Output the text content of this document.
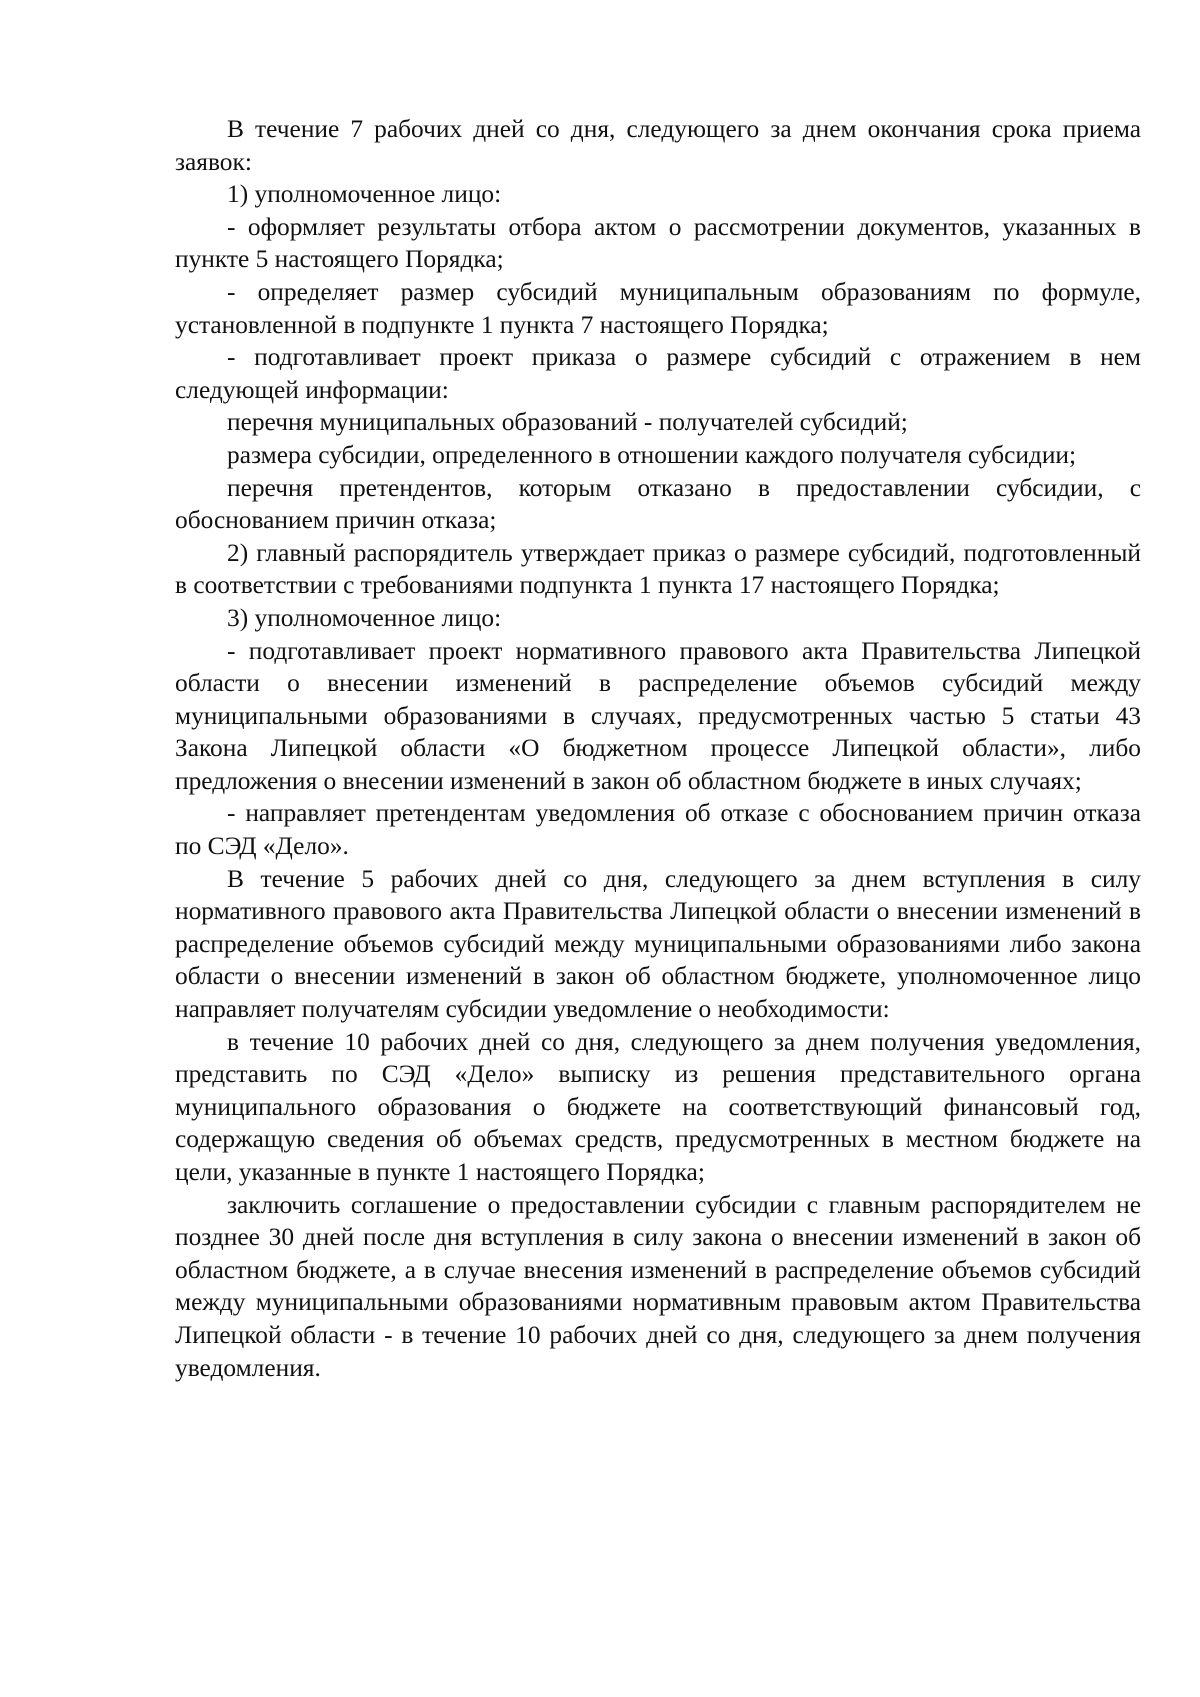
В течение 7 рабочих дней со дня, следующего за днем окончания срока приема заявок:

1) уполномоченное лицо:

- оформляет результаты отбора актом о рассмотрении документов, указанных в пункте 5 настоящего Порядка;

- определяет размер субсидий муниципальным образованиям по формуле, установленной в подпункте 1 пункта 7 настоящего Порядка;

- подготавливает проект приказа о размере субсидий с отражением в нем следующей информации:

перечня муниципальных образований - получателей субсидий;

размера субсидии, определенного в отношении каждого получателя субсидии;

перечня претендентов, которым отказано в предоставлении субсидии, с обоснованием причин отказа;

2) главный распорядитель утверждает приказ о размере субсидий, подготовленный в соответствии с требованиями подпункта 1 пункта 17 настоящего Порядка;

3) уполномоченное лицо:

- подготавливает проект нормативного правового акта Правительства Липецкой области о внесении изменений в распределение объемов субсидий между муниципальными образованиями в случаях, предусмотренных частью 5 статьи 43 Закона Липецкой области «О бюджетном процессе Липецкой области», либо предложения о внесении изменений в закон об областном бюджете в иных случаях;

- направляет претендентам уведомления об отказе с обоснованием причин отказа по СЭД «Дело».

В течение 5 рабочих дней со дня, следующего за днем вступления в силу нормативного правового акта Правительства Липецкой области о внесении изменений в распределение объемов субсидий между муниципальными образованиями либо закона области о внесении изменений в закон об областном бюджете, уполномоченное лицо направляет получателям субсидии уведомление о необходимости:

в течение 10 рабочих дней со дня, следующего за днем получения уведомления, представить по СЭД «Дело» выписку из решения представительного органа муниципального образования о бюджете на соответствующий финансовый год, содержащую сведения об объемах средств, предусмотренных в местном бюджете на цели, указанные в пункте 1 настоящего Порядка;

заключить соглашение о предоставлении субсидии с главным распорядителем не позднее 30 дней после дня вступления в силу закона о внесении изменений в закон об областном бюджете, а в случае внесения изменений в распределение объемов субсидий между муниципальными образованиями нормативным правовым актом Правительства Липецкой области - в течение 10 рабочих дней со дня, следующего за днем получения уведомления.
